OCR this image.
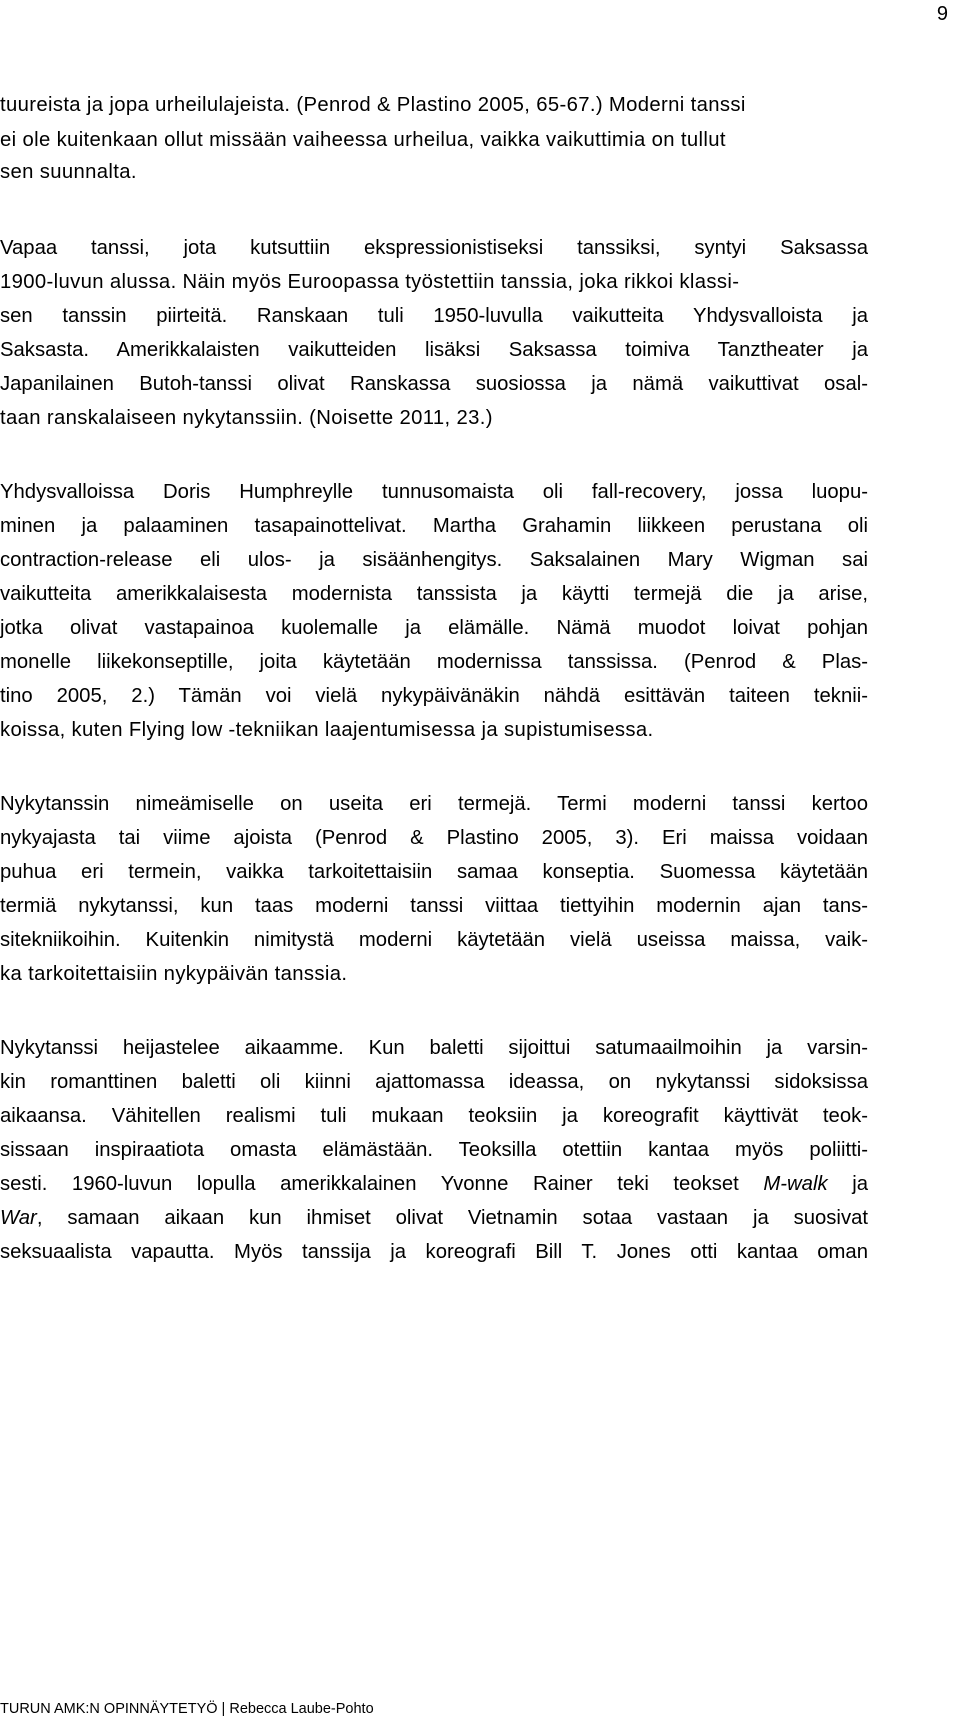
9
tuureista ja jopa urheilulajeista. (Penrod & Plastino 2005, 65-67.) Moderni tanssi
ei ole kuitenkaan ollut missään vaiheessa urheilua, vaikka vaikuttimia on tullut
sen suunnalta.
Vapaa tanssi, jota kutsuttiin ekspressionistiseksi tanssiksi, syntyi Saksassa
1900-luvun alussa. Näin myös Euroopassa työstettiin tanssia, joka rikkoi klassi-
sen tanssin piirteitä. Ranskaan tuli 1950-luvulla vaikutteita Yhdysvalloista ja
Saksasta. Amerikkalaisten vaikutteiden lisäksi Saksassa toimiva Tanztheater ja
Japanilainen Butoh-tanssi olivat Ranskassa suosiossa ja nämä vaikuttivat osal-
taan ranskalaiseen nykytanssiin. (Noisette 2011, 23.)
Yhdysvalloissa Doris Humphreylle tunnusomaista oli fall-recovery, jossa luopu-
minen ja palaaminen tasapainottelivat. Martha Grahamin liikkeen perustana oli
contraction-release eli ulos- ja sisäänhengitys. Saksalainen Mary Wigman sai
vaikutteita amerikkalaisesta modernista tanssista ja käytti termejä die ja arise,
jotka olivat vastapainoa kuolemalle ja elämälle. Nämä muodot loivat pohjan
monelle liikekonseptille, joita käytetään modernissa tanssissa. (Penrod & Plas-
tino 2005, 2.) Tämän voi vielä nykypäivänäkin nähdä esittävän taiteen teknii-
koissa, kuten Flying low -tekniikan laajentumisessa ja supistumisessa.
Nykytanssin nimeämiselle on useita eri termejä. Termi moderni tanssi kertoo
nykyajasta tai viime ajoista (Penrod & Plastino 2005, 3). Eri maissa voidaan
puhua eri termein, vaikka tarkoitettaisiin samaa konseptia. Suomessa käytetään
termiä nykytanssi, kun taas moderni tanssi viittaa tiettyihin modernin ajan tans-
sitekniikoihin. Kuitenkin nimitystä moderni käytetään vielä useissa maissa, vaik-
ka tarkoitettaisiin nykypäivän tanssia.
Nykytanssi heijastelee aikaamme. Kun baletti sijoittui satumaailmoihin ja varsin-
kin romanttinen baletti oli kiinni ajattomassa ideassa, on nykytanssi sidoksissa
aikaansa. Vähitellen realismi tuli mukaan teoksiin ja koreografit käyttivät teok-
sissaan inspiraatiota omasta elämästään. Teoksilla otettiin kantaa myös poliitti-
sesti. 1960-luvun lopulla amerikkalainen Yvonne Rainer teki teokset M-walk ja
War, samaan aikaan kun ihmiset olivat Vietnamin sotaa vastaan ja suosivat
seksuaalista vapautta. Myös tanssija ja koreografi Bill T. Jones otti kantaa oman
TURUN AMK:N OPINNÄYTETYÖ | Rebecca Laube-Pohto
